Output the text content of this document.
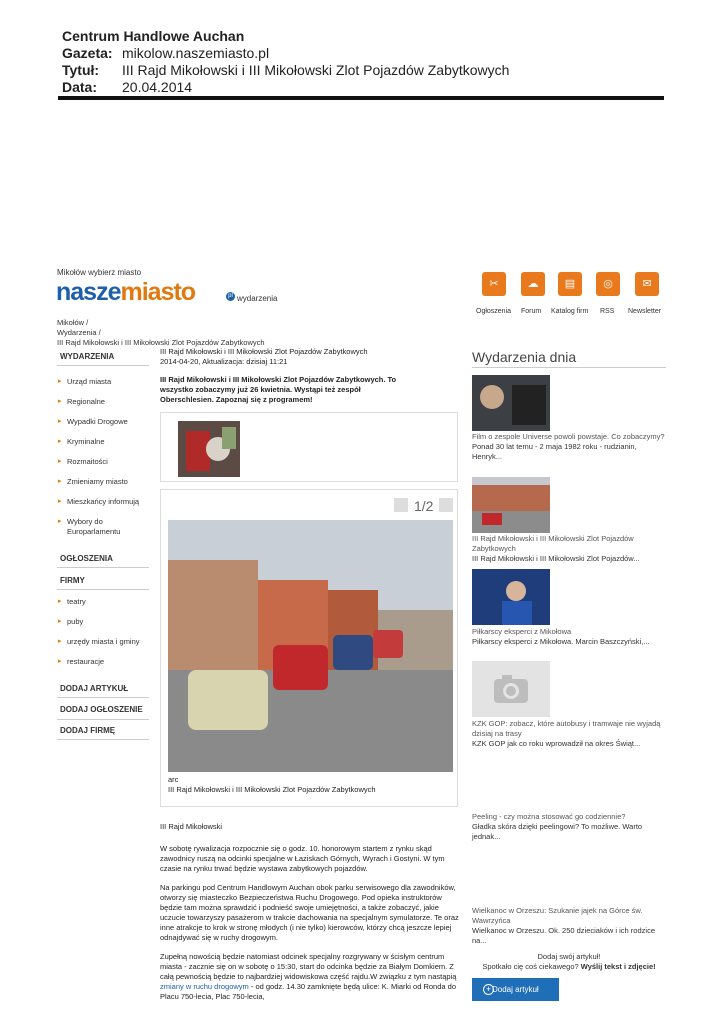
Centrum Handlowe Auchan
Gazeta: mikolow.naszemiasto.pl
Tytuł:	III Rajd Mikołowski i III Mikołowski Zlot Pojazdów Zabytkowych
Data:	20.04.2014
Mikołów wybierz miasto
naszemiasto	pl wydarzenia
✂
Ogłoszenia
☁
Forum
▤
Katalog firm
◎
RSS
✉
Newsletter
Mikołów /
Wydarzenia /
III Rajd Mikołowski i III Mikołowski Zlot Pojazdów Zabytkowych
WYDARZENIA
▸ Urząd miasta
▸ Regionalne
▸ Wypadki Drogowe
▸ Kryminalne
▸ Rozmaitości
▸ Zmieniamy miasto
▸ Mieszkańcy informują
▸ Wybory do Europarlamentu
OGŁOSZENIA
FIRMY
▸ teatry
▸ puby
▸ urzędy miasta i gminy
▸ restauracje
DODAJ ARTYKUŁ
DODAJ OGŁOSZENIE
DODAJ FIRMĘ
III Rajd Mikołowski i III Mikołowski Zlot Pojazdów Zabytkowych
2014-04-20, Aktualizacja: dzisiaj 11:21
III Rajd Mikołowski i III Mikołowski Zlot Pojazdów Zabytkowych. To wszystko zobaczymy już 26 kwietnia. Wystąpi też zespół Oberschlesien. Zapoznaj się z programem!
1/2
arc
III Rajd Mikołowski i III Mikołowski Zlot Pojazdów Zabytkowych

III Rajd Mikołowski

W sobotę rywalizacja rozpocznie się o godz. 10. honorowym startem z rynku skąd zawodnicy ruszą na odcinki specjalne w Łaziskach Górnych, Wyrach i Gostyni. W tym czasie na rynku trwać będzie wystawa zabytkowych pojazdów.

Na parkingu pod Centrum Handlowym Auchan obok parku serwisowego dla zawodników, otworzy się miasteczko Bezpieczeństwa Ruchu Drogowego. Pod opieka instruktorów będzie tam można sprawdzić i podnieść swoje umiejętności, a także zobaczyć, jakie uczucie towarzyszy pasażerom w trakcie dachowania na specjalnym symulatorze. Te oraz inne atrakcje to krok w stronę młodych (i nie tylko) kierowców, którzy chcą jeszcze lepiej odnajdywać się w ruchy drogowym.

Zupełną nowością będzie natomiast odcinek specjalny rozgrywany w ścisłym centrum miasta - zacznie się on w sobotę o 15:30, start do odcinka będzie za Białym Domkiem. Z całą pewnością będzie to najbardziej widowiskowa część rajdu.W związku z tym nastąpią zmiany w ruchu drogowym - od godz. 14.30 zamknięte będą ulice: K. Miarki od Ronda do Placu 750-lecia, Plac 750-lecia,

Wydarzenia dnia
Film o zespole Universe powoli powstaje. Co zobaczymy?
Ponad 30 lat temu - 2 maja 1982 roku - rudzianin, Henryk...
III Rajd Mikołowski i III Mikołowski Zlot Pojazdów Zabytkowych
III Rajd Mikołowski i III Mikołowski Zlot Pojazdów...
Piłkarscy eksperci z Mikołowa
Piłkarscy eksperci z Mikołowa. Marcin Baszczyński,...
KZK GOP: zobacz, które autobusy i tramwaje nie wyjadą dzisiaj na trasy
KZK GOP jak co roku wprowadził na okres Świąt...
Peeling - czy można stosować go codziennie?
Gładka skóra dzięki peelingowi? To możliwe. Warto jednak...
Wielkanoc w Orzeszu: Szukanie jajek na Górce św. Wawrzyńca
Wielkanoc w Orzeszu. Ok. 250 dzieciaków i ich rodzice na...
Dodaj swój artykuł!
Spotkało cię coś ciekawego? Wyślij tekst i zdjęcie!
+ Dodaj artykuł
